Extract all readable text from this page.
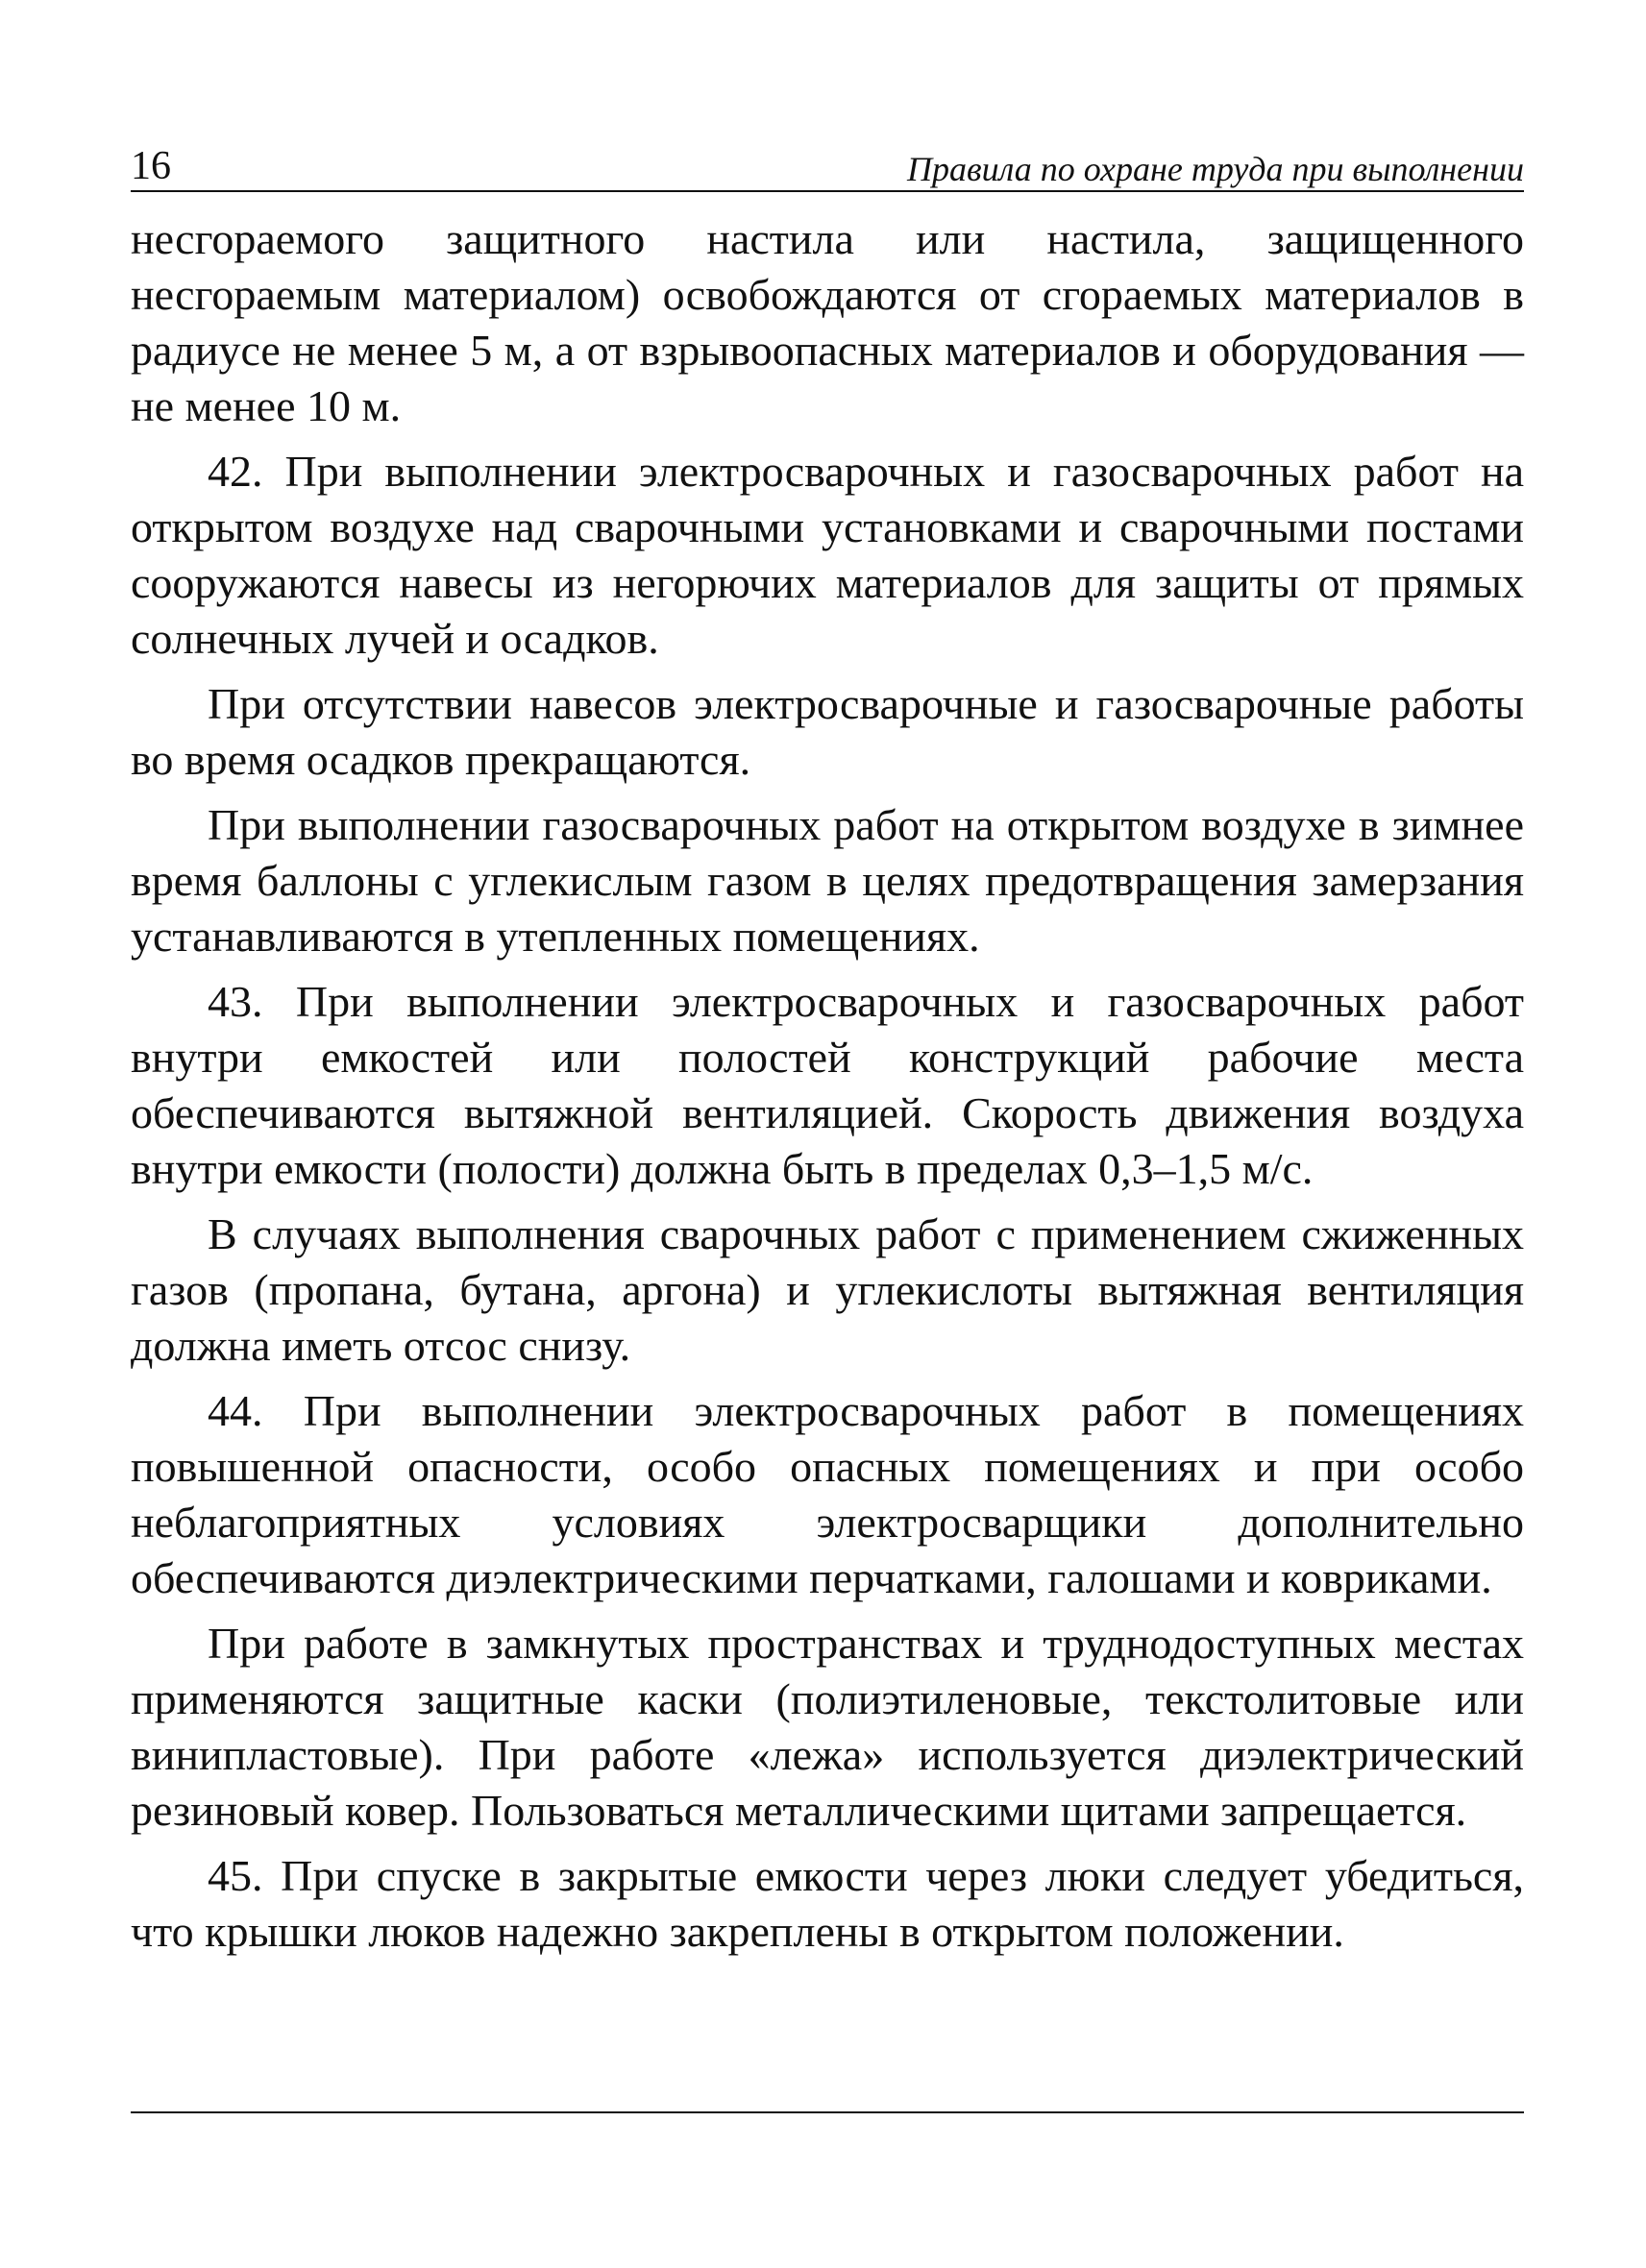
16	Правила по охране труда при выполнении

несгораемого защитного настила или настила, защищенного несгораемым материалом) освобождаются от сгораемых материалов в радиусе не менее 5 м, а от взрывоопасных материалов и оборудования — не менее 10 м.

42. При выполнении электросварочных и газосварочных работ на открытом воздухе над сварочными установками и сварочными постами сооружаются навесы из негорючих материалов для защиты от прямых солнечных лучей и осадков.

При отсутствии навесов электросварочные и газосварочные работы во время осадков прекращаются.

При выполнении газосварочных работ на открытом воздухе в зимнее время баллоны с углекислым газом в целях предотвращения замерзания устанавливаются в утепленных помещениях.

43. При выполнении электросварочных и газосварочных работ внутри емкостей или полостей конструкций рабочие места обеспечиваются вытяжной вентиляцией. Скорость движения воздуха внутри емкости (полости) должна быть в пределах 0,3–1,5 м/с.

В случаях выполнения сварочных работ с применением сжиженных газов (пропана, бутана, аргона) и углекислоты вытяжная вентиляция должна иметь отсос снизу.

44. При выполнении электросварочных работ в помещениях повышенной опасности, особо опасных помещениях и при особо неблагоприятных условиях электросварщики дополнительно обеспечиваются диэлектрическими перчатками, галошами и ковриками.

При работе в замкнутых пространствах и труднодоступных местах применяются защитные каски (полиэтиленовые, текстолитовые или винипластовые). При работе «лежа» используется диэлектрический резиновый ковер. Пользоваться металлическими щитами запрещается.

45. При спуске в закрытые емкости через люки следует убедиться, что крышки люков надежно закреплены в открытом положении.
